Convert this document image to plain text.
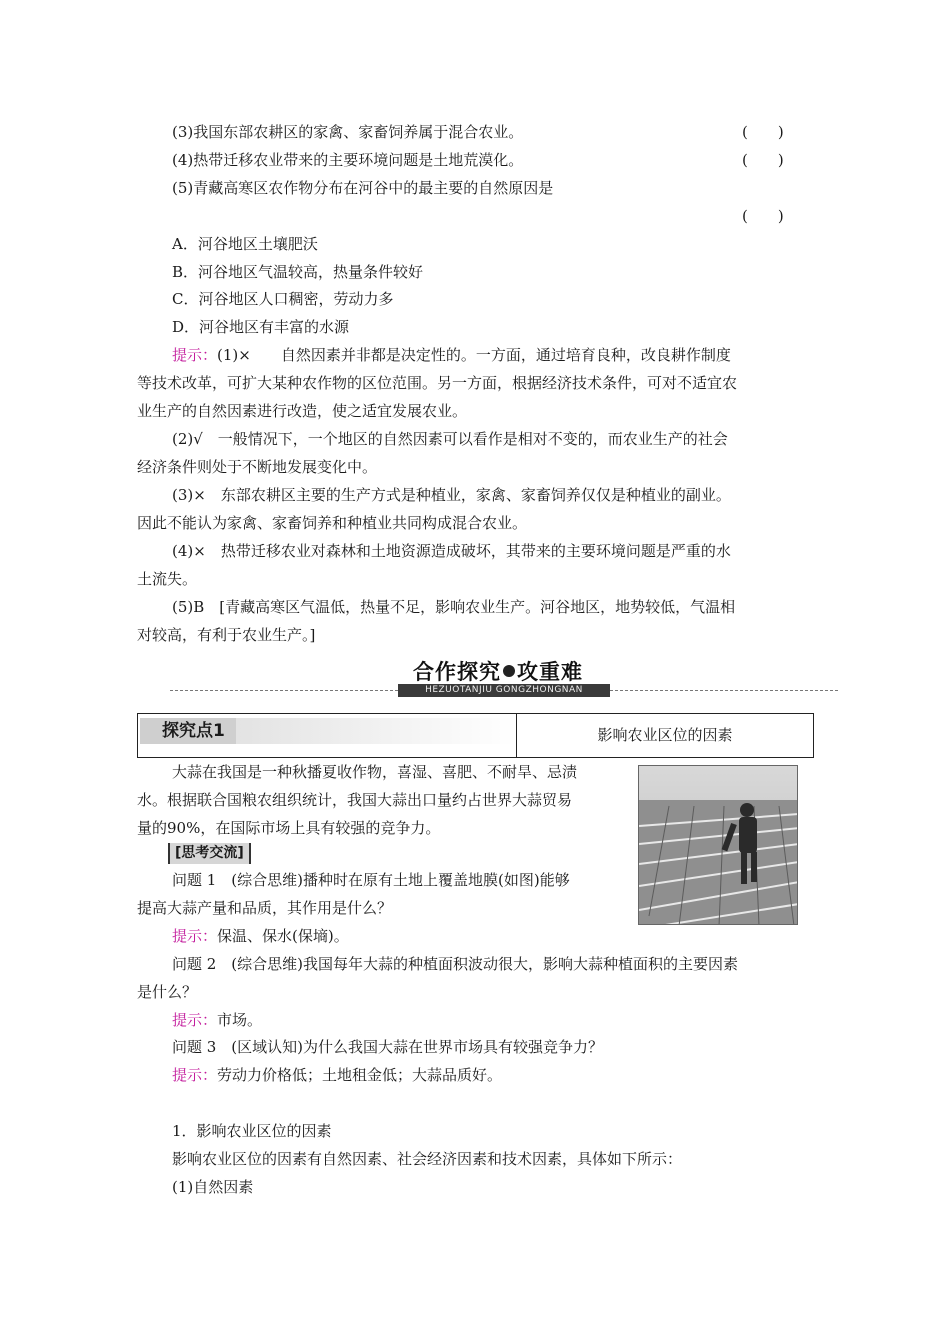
(3)我国东部农耕区的家禽、家畜饲养属于混合农业。	(　　)
(4)热带迁移农业带来的主要环境问题是土地荒漠化。	(　　)
(5)青藏高寒区农作物分布在河谷中的最主要的自然原因是
(　　)
A．河谷地区土壤肥沃
B．河谷地区气温较高，热量条件较好
C．河谷地区人口稠密，劳动力多
D．河谷地区有丰富的水源
提示：(1)×　　自然因素并非都是决定性的。一方面，通过培育良种，改良耕作制度
等技术改革，可扩大某种农作物的区位范围。另一方面，根据经济技术条件，可对不适宜农
业生产的自然因素进行改造，使之适宜发展农业。
(2)√　一般情况下，一个地区的自然因素可以看作是相对不变的，而农业生产的社会
经济条件则处于不断地发展变化中。
(3)×　东部农耕区主要的生产方式是种植业，家禽、家畜饲养仅仅是种植业的副业。
因此不能认为家禽、家畜饲养和种植业共同构成混合农业。
(4)×　热带迁移农业对森林和土地资源造成破坏，其带来的主要环境问题是严重的水
土流失。
(5)B　[青藏高寒区气温低，热量不足，影响农业生产。河谷地区，地势较低，气温相
对较高，有利于农业生产。]
合作探究 攻重难
HEZUOTANJIU GONGZHONGNAN
探究点1	影响农业区位的因素
大蒜在我国是一种秋播夏收作物，喜湿、喜肥、不耐旱、忌渍
水。根据联合国粮农组织统计，我国大蒜出口量约占世界大蒜贸易
量的90%，在国际市场上具有较强的竞争力。
[思考交流]
问题 1　(综合思维)播种时在原有土地上覆盖地膜(如图)能够
提高大蒜产量和品质，其作用是什么？
提示：保温、保水(保墒)。
问题 2　(综合思维)我国每年大蒜的种植面积波动很大，影响大蒜种植面积的主要因素
是什么？
提示：市场。
问题 3　(区域认知)为什么我国大蒜在世界市场具有较强竞争力？
提示：劳动力价格低；土地租金低；大蒜品质好。
1．影响农业区位的因素
影响农业区位的因素有自然因素、社会经济因素和技术因素，具体如下所示：
(1)自然因素
